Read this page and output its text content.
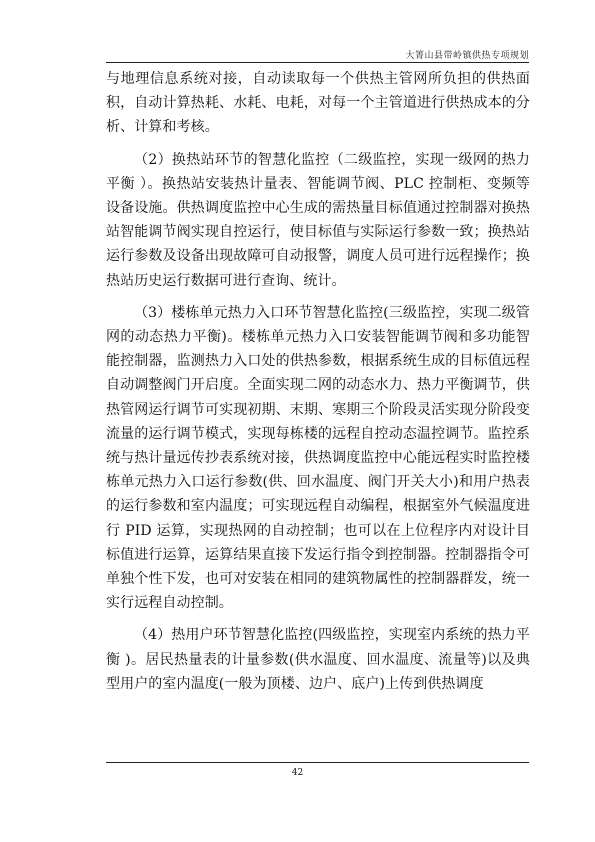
大箐山县带岭镇供热专项规划

与地理信息系统对接，自动读取每一个供热主管网所负担的供热面积，自动计算热耗、水耗、电耗，对每一个主管道进行供热成本的分析、计算和考核。

（2）换热站环节的智慧化监控（二级监控，实现一级网的热力平衡 ）。换热站安装热计量表、智能调节阀、PLC 控制柜、变频等设备设施。供热调度监控中心生成的需热量目标值通过控制器对换热站智能调节阀实现自控运行，使目标值与实际运行参数一致；换热站运行参数及设备出现故障可自动报警，调度人员可进行远程操作；换热站历史运行数据可进行查询、统计。

（3）楼栋单元热力入口环节智慧化监控(三级监控，实现二级管网的动态热力平衡)。楼栋单元热力入口安装智能调节阀和多功能智能控制器，监测热力入口处的供热参数，根据系统生成的目标值远程自动调整阀门开启度。全面实现二网的动态水力、热力平衡调节，供热管网运行调节可实现初期、末期、寒期三个阶段灵活实现分阶段变流量的运行调节模式，实现每栋楼的远程自控动态温控调节。监控系统与热计量远传抄表系统对接，供热调度监控中心能远程实时监控楼栋单元热力入口运行参数(供、回水温度、阀门开关大小)和用户热表的运行参数和室内温度；可实现远程自动编程，根据室外气候温度进行 PID 运算，实现热网的自动控制；也可以在上位程序内对设计目标值进行运算，运算结果直接下发运行指令到控制器。控制器指令可单独个性下发，也可对安装在相同的建筑物属性的控制器群发，统一实行远程自动控制。

（4）热用户环节智慧化监控(四级监控，实现室内系统的热力平衡 )。居民热量表的计量参数(供水温度、回水温度、流量等)以及典型用户的室内温度(一般为顶楼、边户、底户)上传到供热调度

42
